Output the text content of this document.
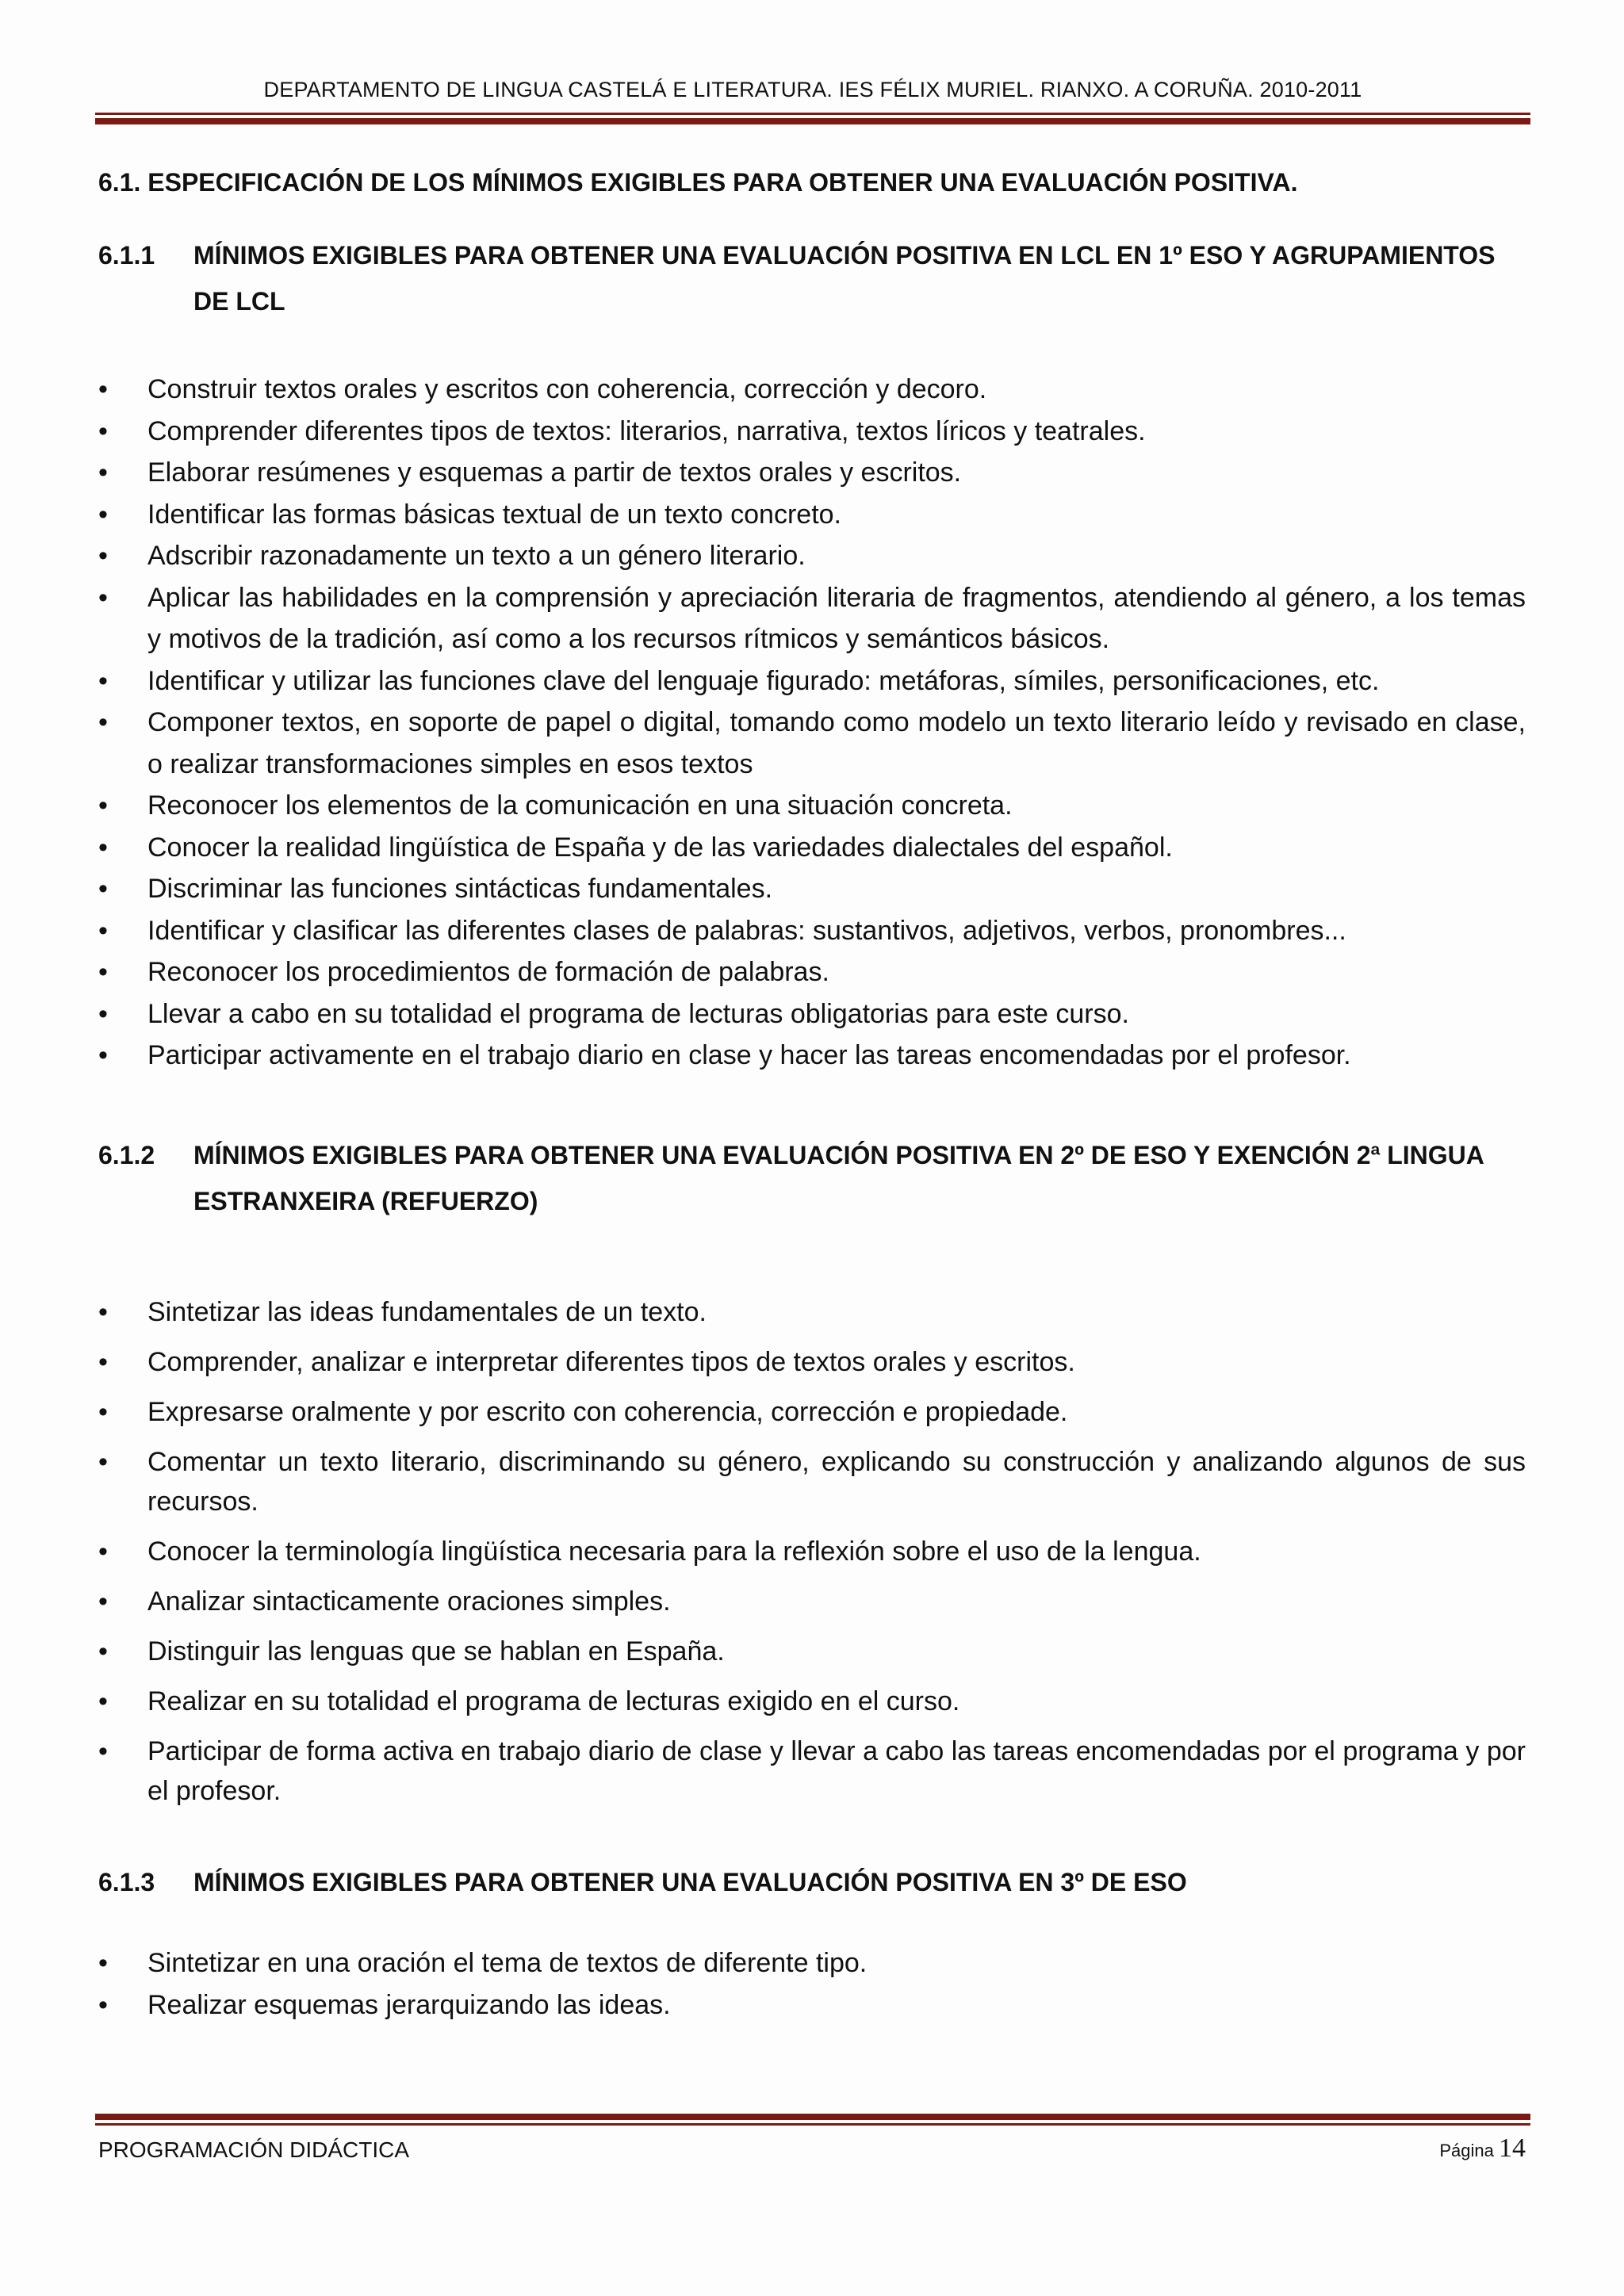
DEPARTAMENTO DE LINGUA CASTELÁ E LITERATURA. IES FÉLIX MURIEL. RIANXO. A CORUÑA. 2010-2011
6.1. ESPECIFICACIÓN DE LOS MÍNIMOS EXIGIBLES PARA OBTENER UNA EVALUACIÓN POSITIVA.
6.1.1	MÍNIMOS EXIGIBLES PARA OBTENER UNA EVALUACIÓN POSITIVA EN LCL EN 1º ESO Y AGRUPAMIENTOS DE LCL
•	Construir textos orales y escritos con coherencia, corrección y decoro.
•	Comprender diferentes tipos de textos: literarios, narrativa, textos líricos y teatrales.
•	Elaborar resúmenes y esquemas a partir de textos orales y escritos.
•	Identificar las formas básicas textual de un texto concreto.
•	Adscribir razonadamente un texto a un género literario.
•	Aplicar las habilidades en la comprensión y apreciación literaria de fragmentos, atendiendo al género, a los temas y motivos de la tradición, así como a los recursos rítmicos y semánticos básicos.
•	Identificar y utilizar las funciones clave del lenguaje figurado: metáforas, símiles, personificaciones, etc.
•	Componer textos, en soporte de papel o digital, tomando como modelo un texto literario leído y revisado en clase, o realizar transformaciones simples en esos textos
•	Reconocer los elementos de la comunicación en una situación concreta.
•	Conocer la realidad lingüística de España y de las variedades dialectales del español.
•	Discriminar las funciones sintácticas fundamentales.
•	Identificar y clasificar las diferentes clases de palabras: sustantivos, adjetivos, verbos, pronombres...
•	Reconocer los procedimientos de formación de palabras.
•	Llevar a cabo en su totalidad el programa de lecturas obligatorias para este curso.
•	Participar activamente en el trabajo diario en clase y hacer las tareas encomendadas por el profesor.
6.1.2	MÍNIMOS EXIGIBLES PARA OBTENER UNA EVALUACIÓN POSITIVA EN 2º DE ESO Y EXENCIÓN 2ª LINGUA ESTRANXEIRA (REFUERZO)
•	Sintetizar las ideas fundamentales de un texto.
•	Comprender, analizar e interpretar diferentes tipos de textos orales y escritos.
•	Expresarse oralmente y por escrito con coherencia, corrección e propiedade.
•	Comentar un texto literario, discriminando su género, explicando su construcción y analizando algunos de sus recursos.
•	Conocer la terminología lingüística necesaria para la reflexión sobre el uso de la lengua.
•	Analizar sintacticamente oraciones simples.
•	Distinguir las lenguas que se hablan en España.
•	Realizar en su totalidad el programa de lecturas exigido en el curso.
•	Participar de forma activa en trabajo diario de clase y llevar a cabo las tareas encomendadas por el programa y por el profesor.
6.1.3	MÍNIMOS EXIGIBLES PARA OBTENER UNA EVALUACIÓN POSITIVA EN 3º DE ESO
•	Sintetizar en una oración el tema de textos de diferente tipo.
•	Realizar esquemas jerarquizando las ideas.
PROGRAMACIÓN DIDÁCTICA	Página 14
